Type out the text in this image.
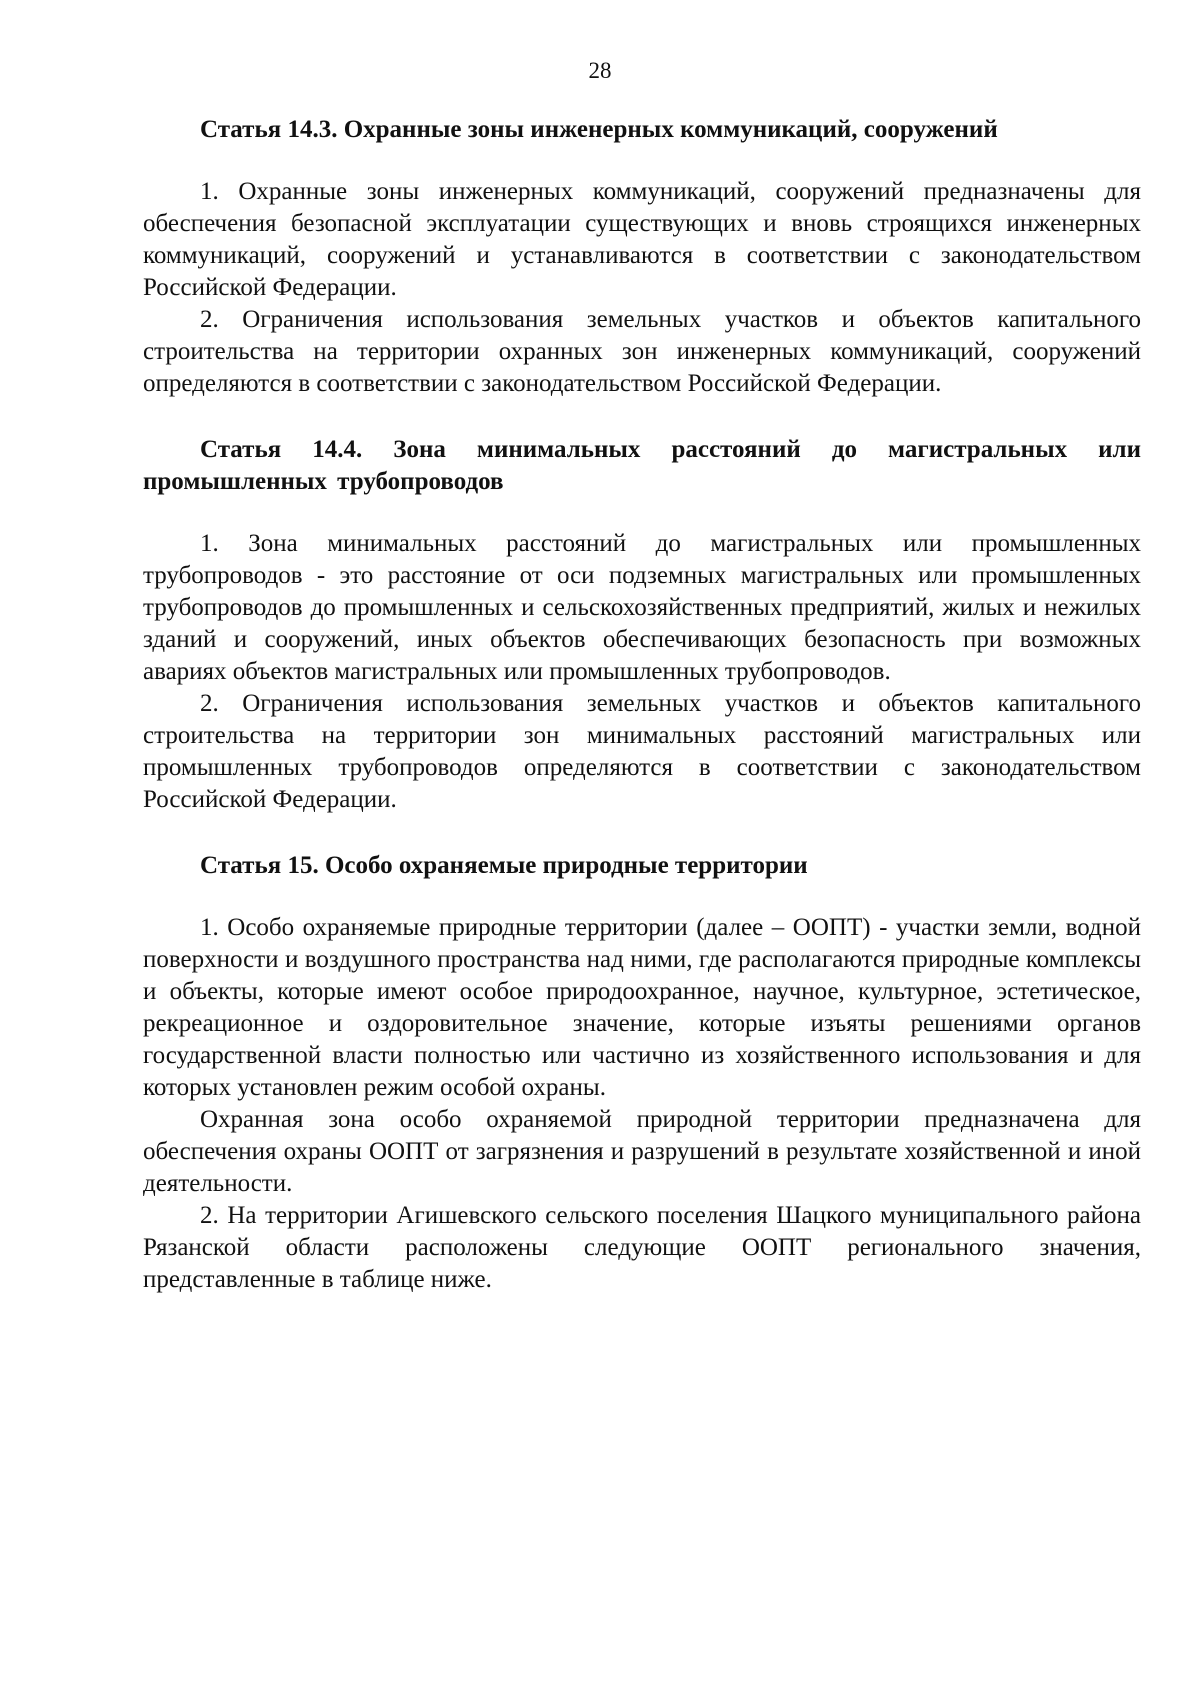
28

Статья 14.3. Охранные зоны инженерных коммуникаций, сооружений

1. Охранные зоны инженерных коммуникаций, сооружений предназначены для обеспечения безопасной эксплуатации существующих и вновь строящихся инженерных коммуникаций, сооружений и устанавливаются в соответствии с законодательством Российской Федерации.

2. Ограничения использования земельных участков и объектов капитального строительства на территории охранных зон инженерных коммуникаций, сооружений определяются в соответствии с законодательством Российской Федерации.

Статья 14.4. Зона минимальных расстояний до магистральных или промышленных трубопроводов

1. Зона минимальных расстояний до магистральных или промышленных трубопроводов - это расстояние от оси подземных магистральных или промышленных трубопроводов до промышленных и сельскохозяйственных предприятий, жилых и нежилых зданий и сооружений, иных объектов обеспечивающих безопасность при возможных авариях объектов магистральных или промышленных трубопроводов.

2. Ограничения использования земельных участков и объектов капитального строительства на территории зон минимальных расстояний магистральных или промышленных трубопроводов определяются в соответствии с законодательством Российской Федерации.

Статья 15. Особо охраняемые природные территории

1. Особо охраняемые природные территории (далее – ООПТ) - участки земли, водной поверхности и воздушного пространства над ними, где располагаются природные комплексы и объекты, которые имеют особое природоохранное, научное, культурное, эстетическое, рекреационное и оздоровительное значение, которые изъяты решениями органов государственной власти полностью или частично из хозяйственного использования и для которых установлен режим особой охраны.

Охранная зона особо охраняемой природной территории предназначена для обеспечения охраны ООПТ от загрязнения и разрушений в результате хозяйственной и иной деятельности.

2. На территории Агишевского сельского поселения Шацкого муниципального района Рязанской области расположены следующие ООПТ регионального значения, представленные в таблице ниже.
